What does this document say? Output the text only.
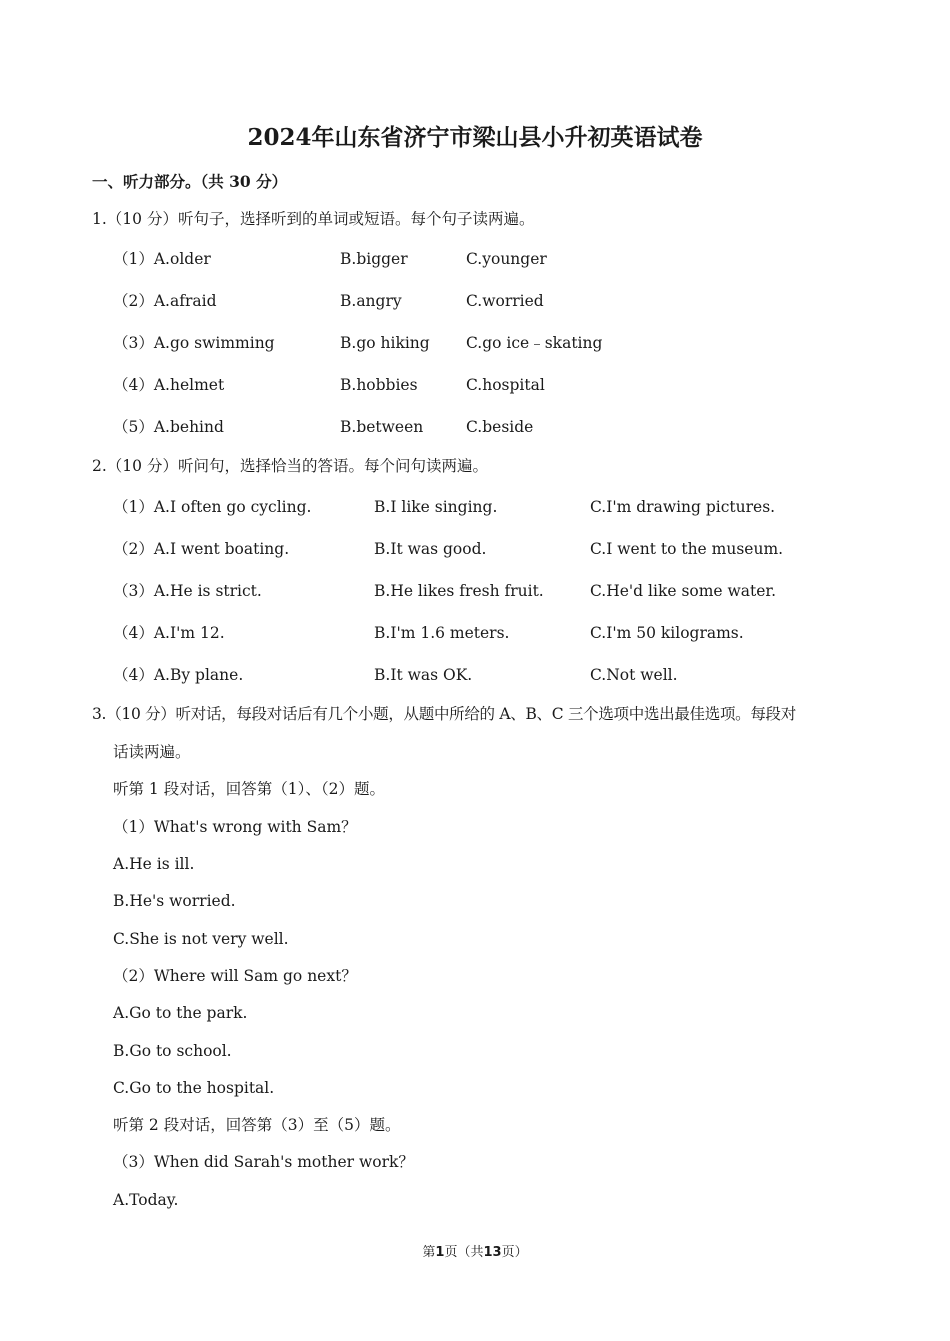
2024年山东省济宁市梁山县小升初英语试卷
一、听力部分。（共 30 分）
1.（10 分）听句子，选择听到的单词或短语。每个句子读两遍。
（1）A.older	B.bigger	C.younger
（2）A.afraid	B.angry	C.worried
（3）A.go swimming	B.go hiking C.go ice﹣skating
（4）A.helmet	B.hobbies	C.hospital
（5）A.behind	B.between	C.beside
2.（10 分）听问句，选择恰当的答语。每个问句读两遍。
（1）A.I often go cycling.	B.I like singing.	C.I'm drawing pictures.
（2）A.I went boating.	B.It was good.	C.I went to the museum.
（3）A.He is strict.	B.He likes fresh fruit.	C.He'd like some water.
（4）A.I'm 12.	B.I'm 1.6 meters.	C.I'm 50 kilograms.
（4）A.By plane.	B.It was OK.	C.Not well.
3.（10 分）听对话，每段对话后有几个小题，从题中所给的 A、B、C 三个选项中选出最佳选项。每段对
话读两遍。
听第 1 段对话，回答第（1）、（2）题。
（1）What's wrong with Sam？
A.He is ill.
B.He's worried.
C.She is not very well.
（2）Where will Sam go next？
A.Go to the park.
B.Go to school.
C.Go to the hospital.
听第 2 段对话，回答第（3）至（5）题。
（3）When did Sarah's mother work？
A.Today.
第1页（共13页）
